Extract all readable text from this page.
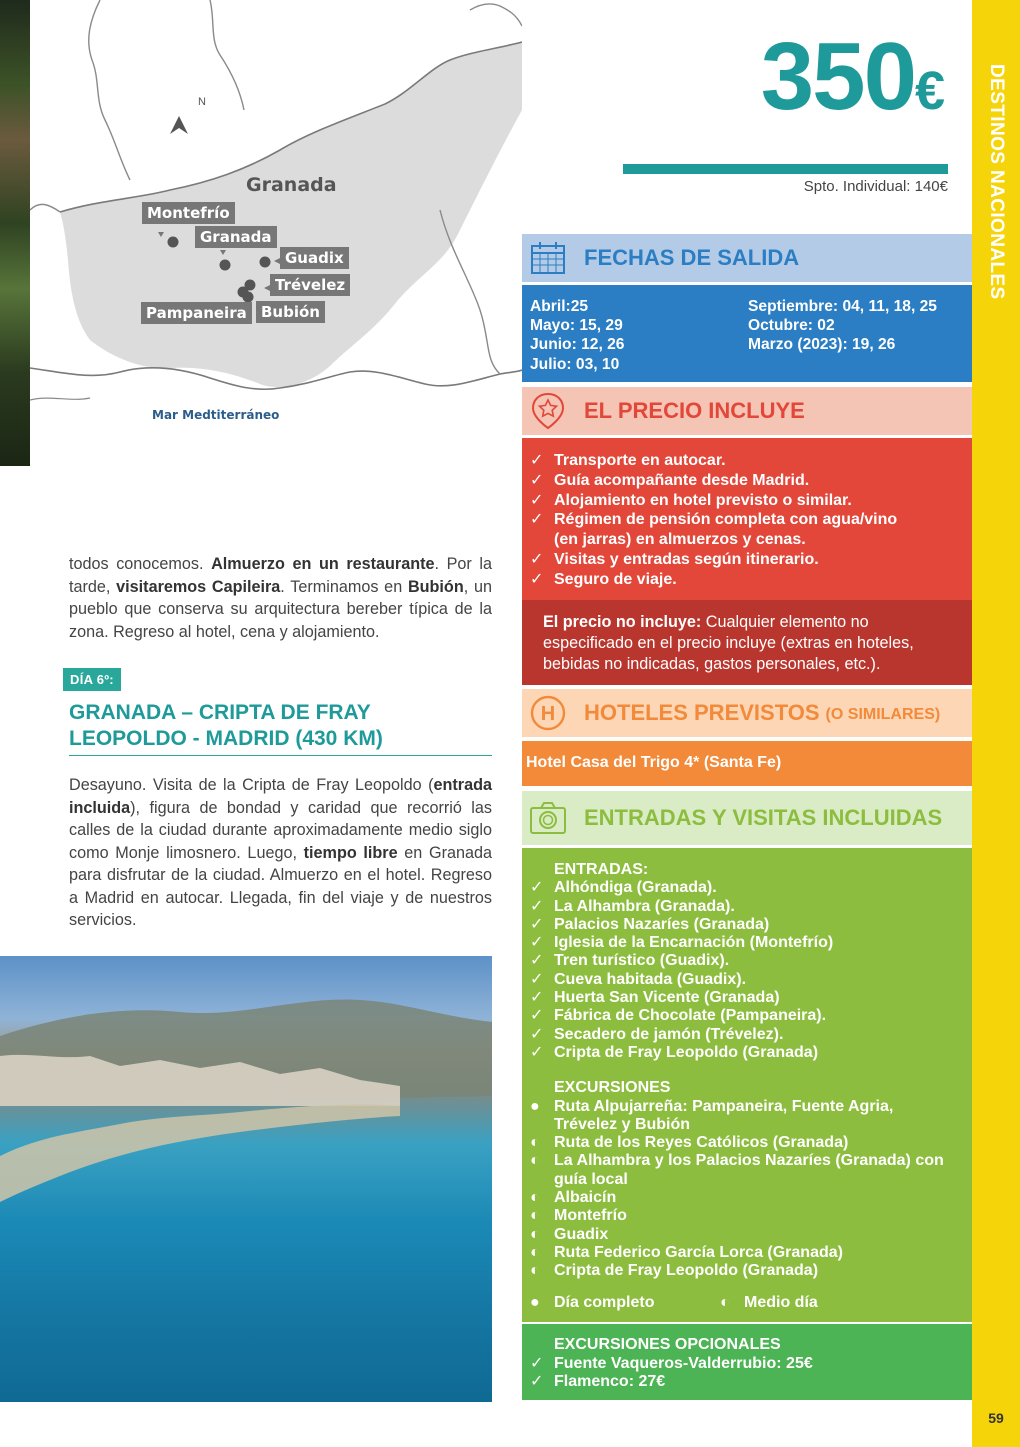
N
Granada
Montefrío
Granada
Guadix
Trévelez
Pampaneira Bubión
Mar Medtiterráneo
todos conocemos. Almuerzo en un restaurante. Por la tarde, visitaremos Capileira. Terminamos en Bubión, un pueblo que conserva su arquitectura bereber típica de la zona. Regreso al hotel, cena y alojamiento.
DÍA 6º:
GRANADA – CRIPTA DE FRAY LEOPOLDO - MADRID (430 KM)
Desayuno. Visita de la Cripta de Fray Leopoldo (entrada incluida), figura de bondad y caridad que recorrió las calles de la ciudad durante aproximadamente medio siglo como Monje limosnero. Luego, tiempo libre en Granada para disfrutar de la ciudad. Almuerzo en el hotel. Regreso a Madrid en autocar. Llegada, fin del viaje y de nuestros servicios.
350€
Spto. Individual: 140€
FECHAS DE SALIDA
Abril:25
Mayo: 15, 29
Junio: 12, 26
Julio: 03, 10
Septiembre: 04, 11, 18, 25
Octubre: 02
Marzo (2023): 19, 26
EL PRECIO INCLUYE
✓ Transporte en autocar.
✓ Guía acompañante desde Madrid.
✓ Alojamiento en hotel previsto o similar.
✓ Régimen de pensión completa con agua/vino (en jarras) en almuerzos y cenas.
✓ Visitas y entradas según itinerario.
✓ Seguro de viaje.
El precio no incluye: Cualquier elemento no especificado en el precio incluye (extras en hoteles, bebidas no indicadas, gastos personales, etc.).
H HOTELES PREVISTOS (O SIMILARES)
Hotel Casa del Trigo 4* (Santa Fe)
ENTRADAS Y VISITAS INCLUIDAS
ENTRADAS:
✓ Alhóndiga (Granada).
✓ La Alhambra (Granada).
✓ Palacios Nazaríes (Granada)
✓ Iglesia de la Encarnación (Montefrío)
✓ Tren turístico (Guadix).
✓ Cueva habitada (Guadix).
✓ Huerta San Vicente (Granada)
✓ Fábrica de Chocolate (Pampaneira).
✓ Secadero de jamón (Trévelez).
✓ Cripta de Fray Leopoldo (Granada)
EXCURSIONES
● Ruta Alpujarreña: Pampaneira, Fuente Agria, Trévelez y Bubión
◐ Ruta de los Reyes Católicos (Granada)
◐ La Alhambra y los Palacios Nazaríes (Granada) con guía local
◐ Albaicín
◐ Montefrío
◐ Guadix
◐ Ruta Federico García Lorca (Granada)
◐ Cripta de Fray Leopoldo (Granada)
● Día completo	◐ Medio día
EXCURSIONES OPCIONALES
✓ Fuente Vaqueros-Valderrubio: 25€
✓ Flamenco: 27€
DESTINOS NACIONALES
59
